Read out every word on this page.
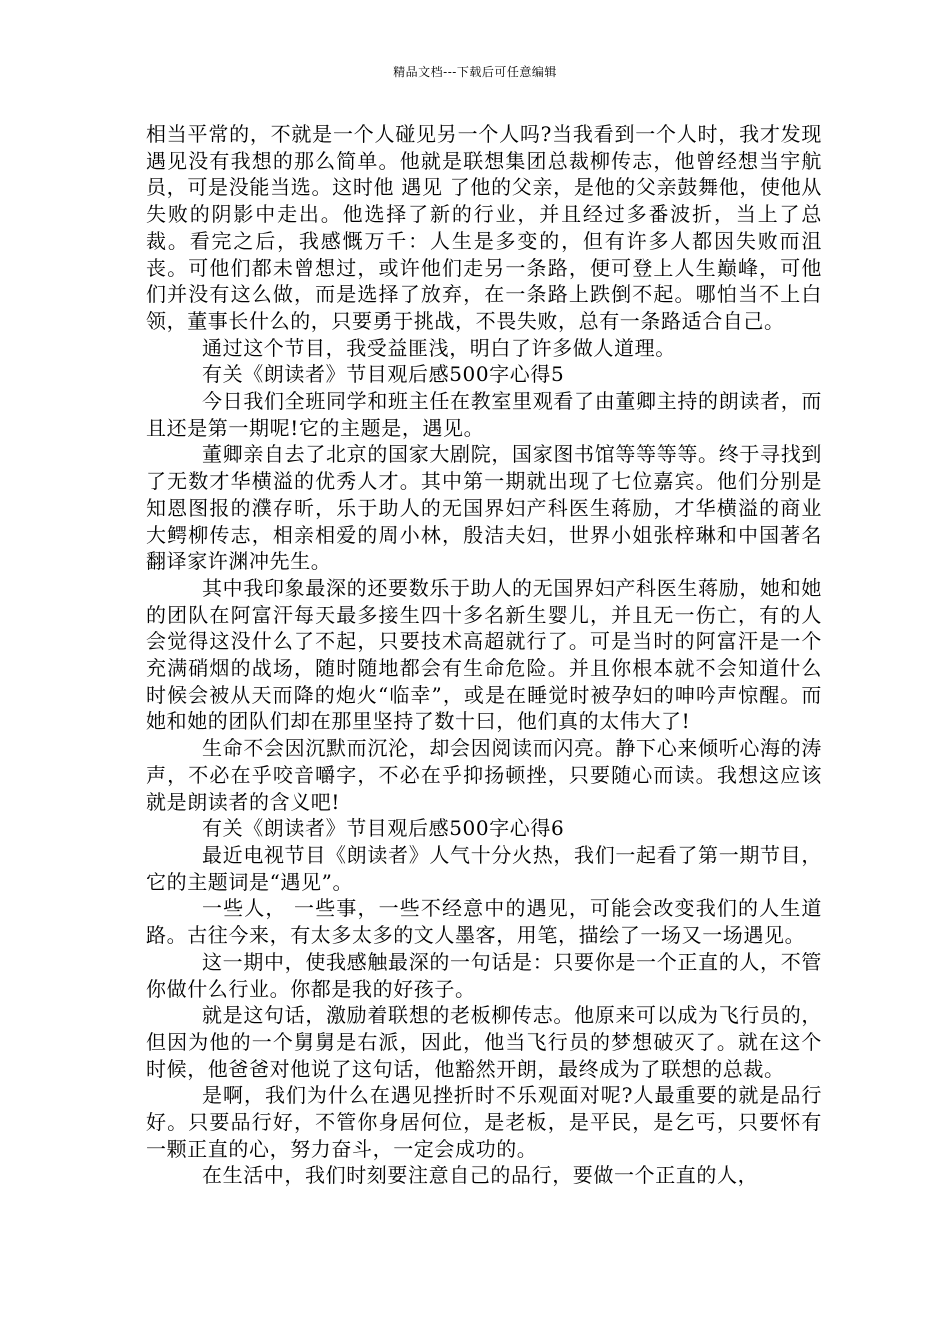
精品文档---下载后可任意编辑

相当平常的，不就是一个人碰见另一个人吗?当我看到一个人时，我才发现遇见没有我想的那么简单。他就是联想集团总裁柳传志，他曾经想当宇航员，可是没能当选。这时他 遇见 了他的父亲，是他的父亲鼓舞他，使他从失败的阴影中走出。他选择了新的行业，并且经过多番波折，当上了总裁。看完之后，我感慨万千：人生是多变的，但有许多人都因失败而沮丧。可他们都未曾想过，或许他们走另一条路，便可登上人生巅峰，可他们并没有这么做，而是选择了放弃，在一条路上跌倒不起。哪怕当不上白领，董事长什么的，只要勇于挑战，不畏失败，总有一条路适合自己。

通过这个节目，我受益匪浅，明白了许多做人道理。

有关《朗读者》节目观后感500字心得5

今日我们全班同学和班主任在教室里观看了由董卿主持的朗读者，而且还是第一期呢!它的主题是，遇见。

董卿亲自去了北京的国家大剧院，国家图书馆等等等等。终于寻找到了无数才华横溢的优秀人才。其中第一期就出现了七位嘉宾。他们分别是知恩图报的濮存昕，乐于助人的无国界妇产科医生蒋励，才华横溢的商业大鳄柳传志，相亲相爱的周小林，殷洁夫妇，世界小姐张梓琳和中国著名翻译家许渊冲先生。

其中我印象最深的还要数乐于助人的无国界妇产科医生蒋励，她和她的团队在阿富汗每天最多接生四十多名新生婴儿，并且无一伤亡，有的人会觉得这没什么了不起，只要技术高超就行了。可是当时的阿富汗是一个充满硝烟的战场，随时随地都会有生命危险。并且你根本就不会知道什么时候会被从天而降的炮火“临幸”，或是在睡觉时被孕妇的呻吟声惊醒。而她和她的团队们却在那里坚持了数十曰，他们真的太伟大了!

生命不会因沉默而沉沦，却会因阅读而闪亮。静下心来倾听心海的涛声，不必在乎咬音嚼字，不必在乎抑扬顿挫，只要随心而读。我想这应该就是朗读者的含义吧!

有关《朗读者》节目观后感500字心得6

最近电视节目《朗读者》人气十分火热，我们一起看了第一期节目，它的主题词是“遇见”。

一些人， 一些事，一些不经意中的遇见，可能会改变我们的人生道路。古往今来，有太多太多的文人墨客，用笔，描绘了一场又一场遇见。

这一期中，使我感触最深的一句话是：只要你是一个正直的人，不管你做什么行业。你都是我的好孩子。

就是这句话，激励着联想的老板柳传志。他原来可以成为飞行员的，但因为他的一个舅舅是右派，因此，他当飞行员的梦想破灭了。就在这个时候，他爸爸对他说了这句话，他豁然开朗，最终成为了联想的总裁。

是啊，我们为什么在遇见挫折时不乐观面对呢?人最重要的就是品行好。只要品行好，不管你身居何位，是老板，是平民，是乞丐，只要怀有一颗正直的心，努力奋斗，一定会成功的。

在生活中，我们时刻要注意自己的品行，要做一个正直的人，
